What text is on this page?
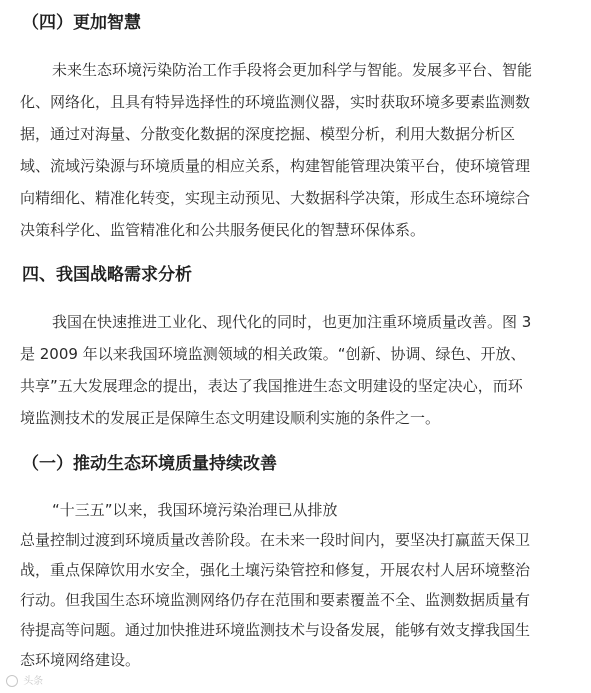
（四）更加智慧
未来生态环境污染防治工作手段将会更加科学与智能。发展多平台、智能
化、网络化，且具有特异选择性的环境监测仪器，实时获取环境多要素监测数
据，通过对海量、分散变化数据的深度挖掘、模型分析，利用大数据分析区
域、流域污染源与环境质量的相应关系，构建智能管理决策平台，使环境管理
向精细化、精准化转变，实现主动预见、大数据科学决策，形成生态环境综合
决策科学化、监管精准化和公共服务便民化的智慧环保体系。
四、我国战略需求分析
我国在快速推进工业化、现代化的同时，也更加注重环境质量改善。图 3
是 2009 年以来我国环境监测领域的相关政策。“创新、协调、绿色、开放、
共享”五大发展理念的提出，表达了我国推进生态文明建设的坚定决心，而环
境监测技术的发展正是保障生态文明建设顺利实施的条件之一。
（一）推动生态环境质量持续改善
“十三五”以来，我国环境污染治理已从排放
总量控制过渡到环境质量改善阶段。在未来一段时间内，要坚决打赢蓝天保卫
战，重点保障饮用水安全，强化土壤污染管控和修复，开展农村人居环境整治
行动。但我国生态环境监测网络仍存在范围和要素覆盖不全、监测数据质量有
待提高等问题。通过加快推进环境监测技术与设备发展，能够有效支撑我国生
态环境网络建设。
头条
